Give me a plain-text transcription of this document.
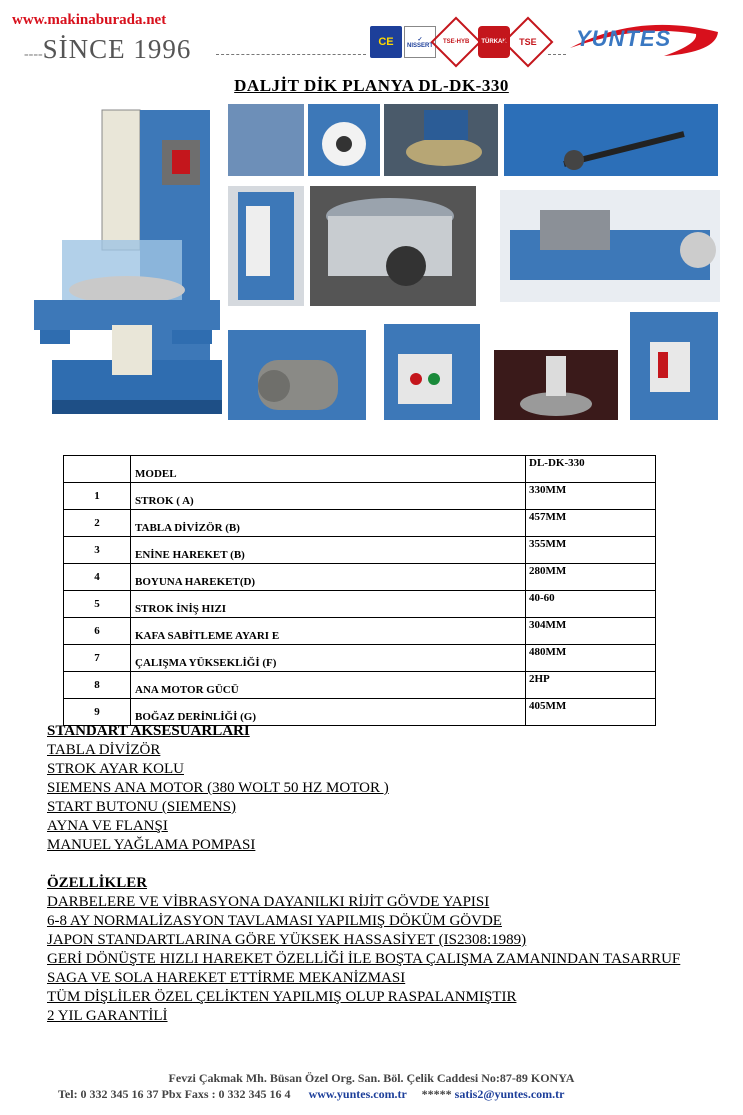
www.makinaburada.net
----SİNCE 1996	CE	✓
NISSERT
TSE-HYB TÜRKAK TSE YUNTES
DALJİT DİK PLANYA DL-DK-330
	MODEL	DL-DK-330
1	STROK ( A)	330MM
2	TABLA DİVİZÖR (B)	457MM
3	ENİNE HAREKET (B)	355MM
4	BOYUNA HAREKET(D)	280MM
5	STROK İNİŞ HIZI	40-60
6	KAFA SABİTLEME AYARI E	304MM
7	ÇALIŞMA YÜKSEKLİĞİ (F)	480MM
8	ANA MOTOR GÜCÜ	2HP
9	BOĞAZ DERİNLİĞİ (G)	405MM
STANDART AKSESUARLARI
TABLA DİVİZÖR
STROK AYAR KOLU
SIEMENS ANA MOTOR (380 WOLT 50 HZ MOTOR )
START BUTONU (SIEMENS)
AYNA VE FLANŞI
MANUEL YAĞLAMA POMPASI
ÖZELLİKLER
DARBELERE VE VİBRASYONA DAYANILKI RİJİT GÖVDE YAPISI
6-8 AY NORMALİZASYON TAVLAMASI YAPILMIŞ DÖKÜM GÖVDE
JAPON STANDARTLARINA GÖRE YÜKSEK HASSASİYET (IS2308:1989)
GERİ DÖNÜŞTE HIZLI HAREKET ÖZELLİĞİ İLE BOŞTA ÇALIŞMA ZAMANINDAN TASARRUF
SAGA VE SOLA HAREKET ETTİRME MEKANİZMASI
TÜM DİŞLİLER ÖZEL ÇELİKTEN YAPILMIŞ OLUP RASPALANMIŞTIR
2 YIL GARANTİLİ
Fevzi Çakmak Mh. Büsan Özel Org. San. Böl. Çelik Caddesi No:87-89 KONYA
Tel: 0 332 345 16 37 Pbx Faxs : 0 332 345 16 4 www.yuntes.com.tr ***** satis2@yuntes.com.tr
